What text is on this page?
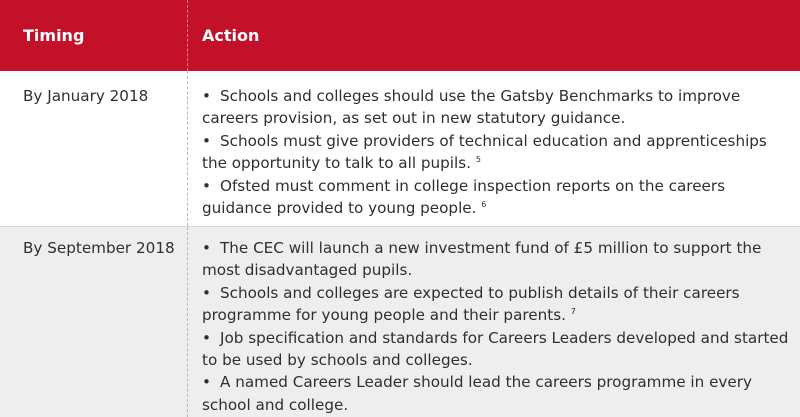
Timing	Action
By January 2018	• Schools and colleges should use the Gatsby Benchmarks to improve careers provision, as set out in new statutory guidance.

• Schools must give providers of technical education and apprenticeships the opportunity to talk to all pupils. $^5$

• Ofsted must comment in college inspection reports on the careers guidance provided to young people. $^6$

By September 2018	• The CEC will launch a new investment fund of £5 million to support the most disadvantaged pupils.

• Schools and colleges are expected to publish details of their careers programme for young people and their parents. $^7$

• Job specification and standards for Careers Leaders developed and started to be used by schools and colleges.

• A named Careers Leader should lead the careers programme in every school and college.
